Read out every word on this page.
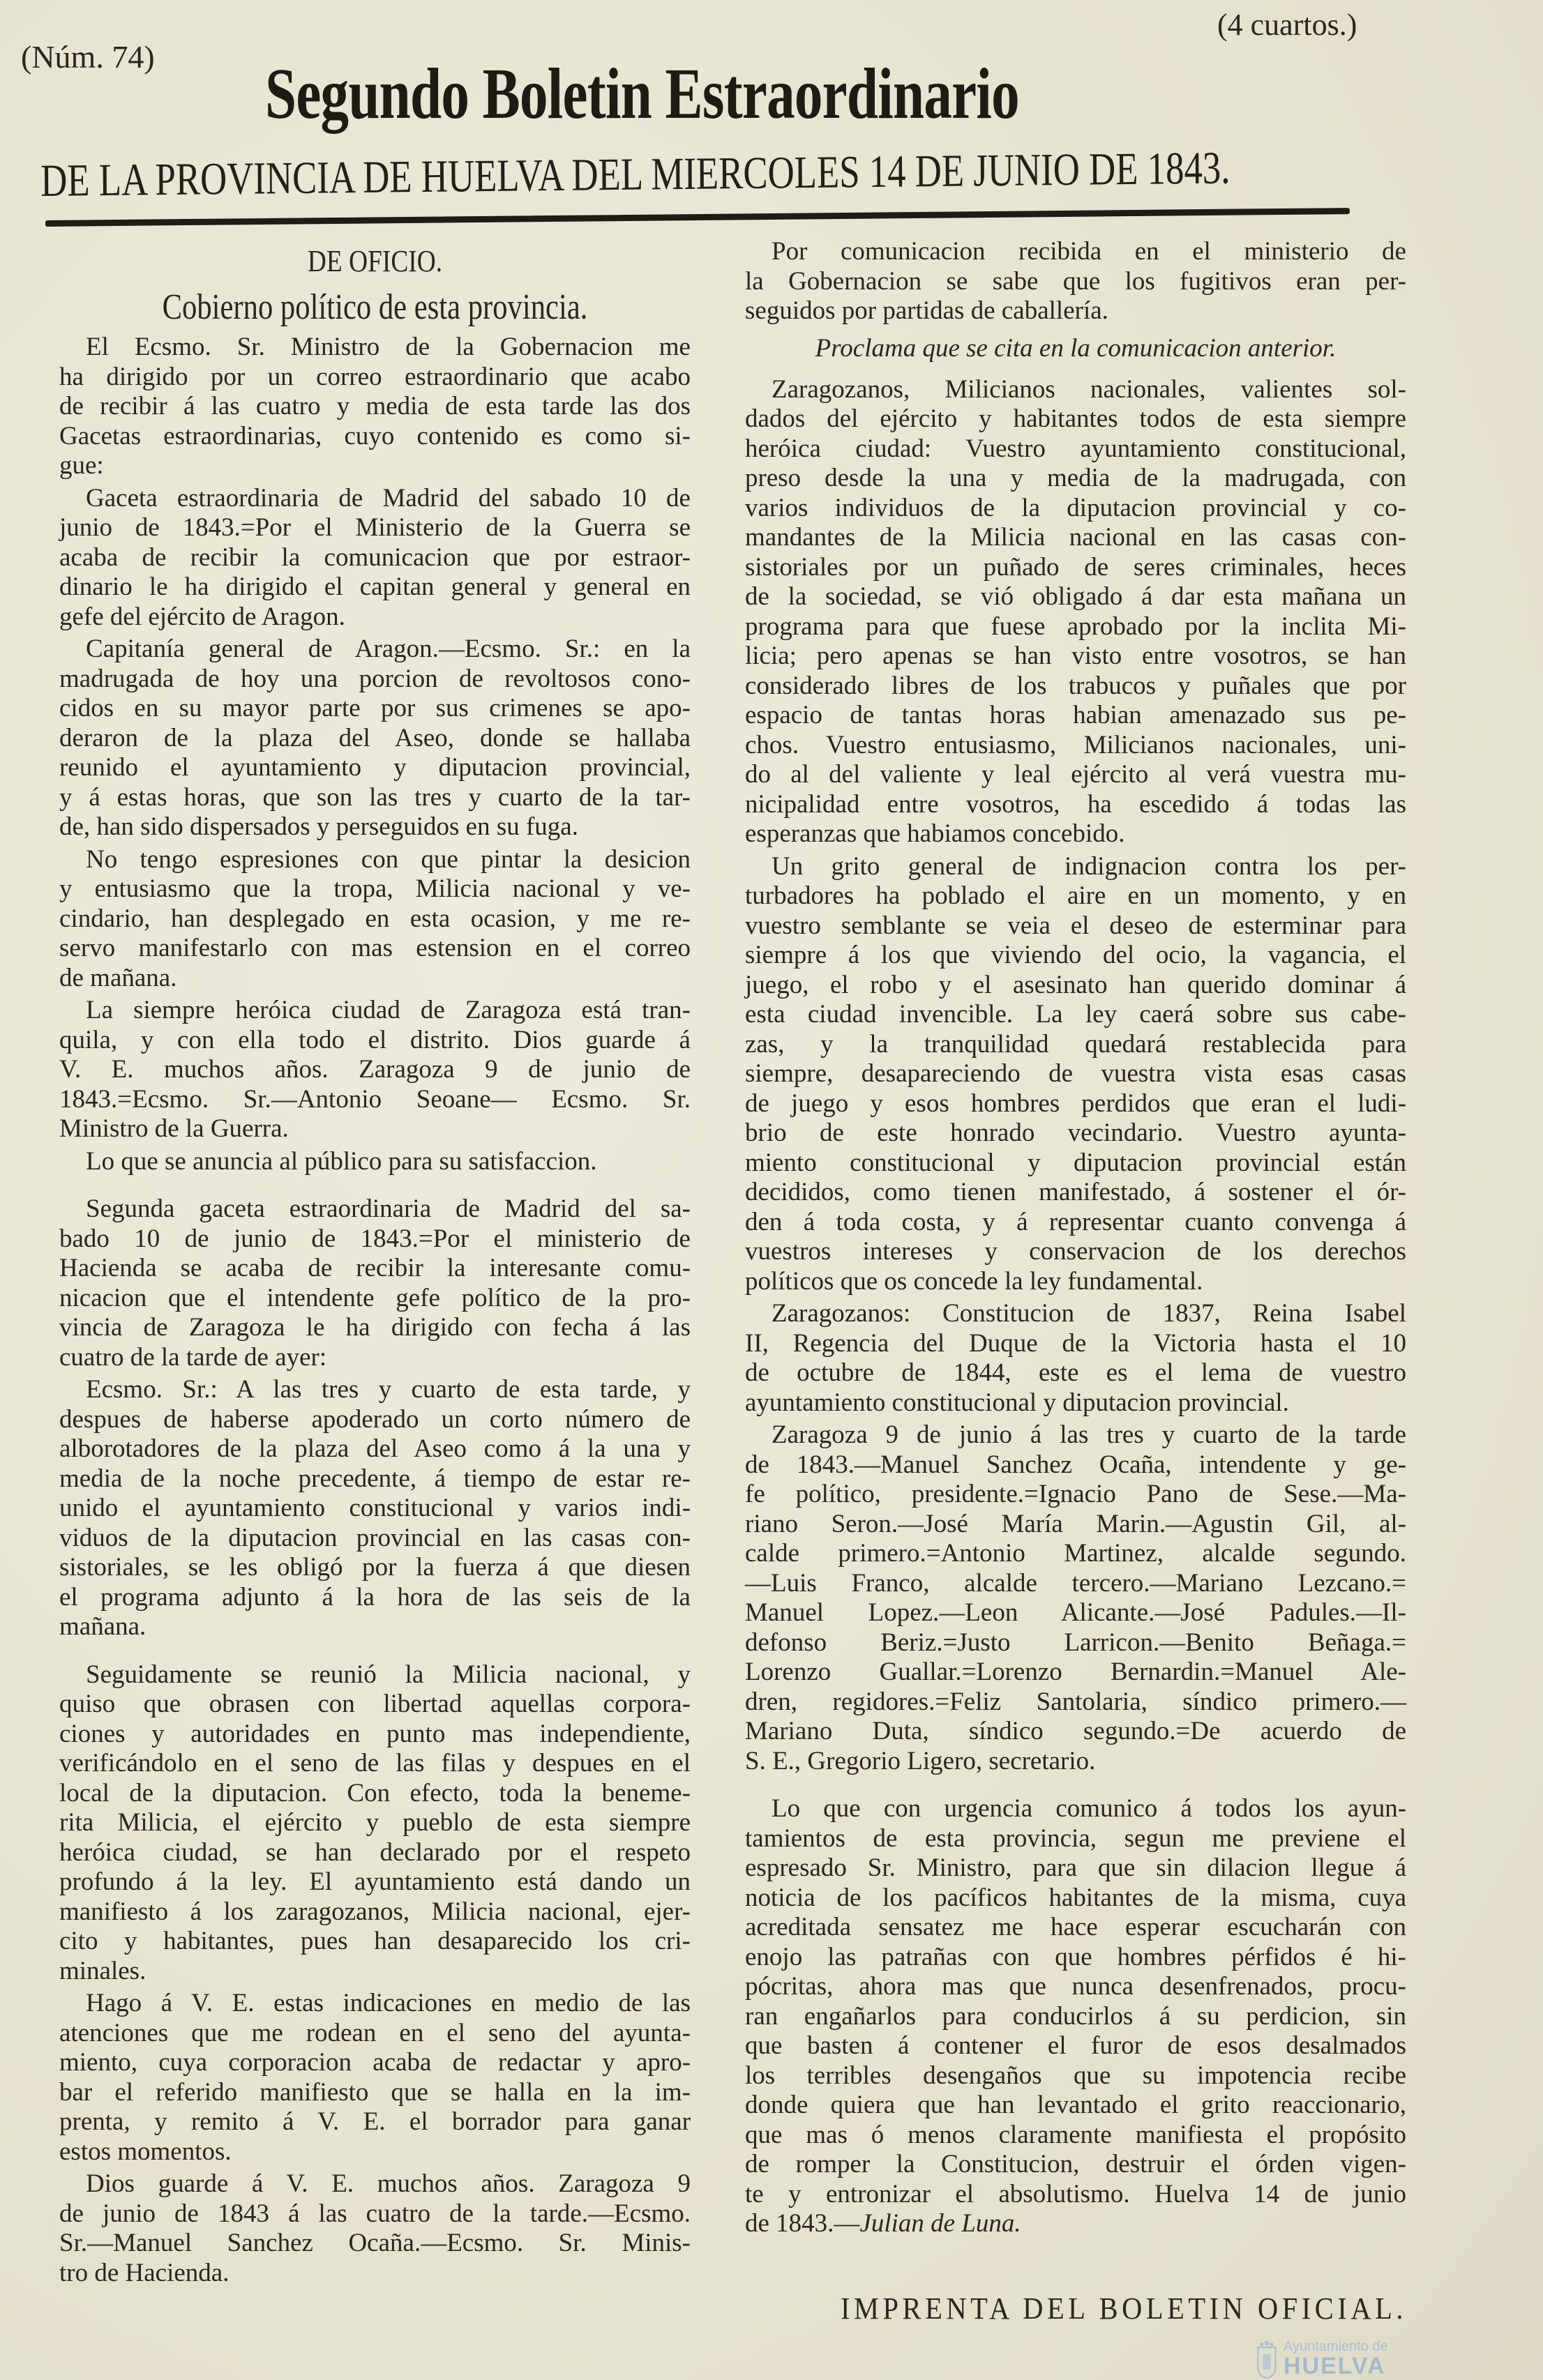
(Núm. 74)
(4 cuartos.)
Segundo Boletin Estraordinario
DE LA PROVINCIA DE HUELVA DEL MIERCOLES 14 DE JUNIO DE 1843.
DE OFICIO.
Cobierno político de esta provincia.
El Ecsmo. Sr. Ministro de la Gobernacion me
ha dirigido por un correo estraordinario que acabo
de recibir á las cuatro y media de esta tarde las dos
Gacetas estraordinarias, cuyo contenido es como si-
gue:
Gaceta estraordinaria de Madrid del sabado 10 de
junio de 1843.=Por el Ministerio de la Guerra se
acaba de recibir la comunicacion que por estraor-
dinario le ha dirigido el capitan general y general en
gefe del ejército de Aragon.
Capitanía general de Aragon.—Ecsmo. Sr.: en la
madrugada de hoy una porcion de revoltosos cono-
cidos en su mayor parte por sus crimenes se apo-
deraron de la plaza del Aseo, donde se hallaba
reunido el ayuntamiento y diputacion provincial,
y á estas horas, que son las tres y cuarto de la tar-
de, han sido dispersados y perseguidos en su fuga.
No tengo espresiones con que pintar la desicion
y entusiasmo que la tropa, Milicia nacional y ve-
cindario, han desplegado en esta ocasion, y me re-
servo manifestarlo con mas estension en el correo
de mañana.
La siempre heróica ciudad de Zaragoza está tran-
quila, y con ella todo el distrito. Dios guarde á
V. E. muchos años. Zaragoza 9 de junio de
1843.=Ecsmo. Sr.—Antonio Seoane— Ecsmo. Sr.
Ministro de la Guerra.
Lo que se anuncia al público para su satisfaccion.
Segunda gaceta estraordinaria de Madrid del sa-
bado 10 de junio de 1843.=Por el ministerio de
Hacienda se acaba de recibir la interesante comu-
nicacion que el intendente gefe político de la pro-
vincia de Zaragoza le ha dirigido con fecha á las
cuatro de la tarde de ayer:
Ecsmo. Sr.: A las tres y cuarto de esta tarde, y
despues de haberse apoderado un corto número de
alborotadores de la plaza del Aseo como á la una y
media de la noche precedente, á tiempo de estar re-
unido el ayuntamiento constitucional y varios indi-
viduos de la diputacion provincial en las casas con-
sistoriales, se les obligó por la fuerza á que diesen
el programa adjunto á la hora de las seis de la
mañana.
Seguidamente se reunió la Milicia nacional, y
quiso que obrasen con libertad aquellas corpora-
ciones y autoridades en punto mas independiente,
verificándolo en el seno de las filas y despues en el
local de la diputacion. Con efecto, toda la beneme-
rita Milicia, el ejército y pueblo de esta siempre
heróica ciudad, se han declarado por el respeto
profundo á la ley. El ayuntamiento está dando un
manifiesto á los zaragozanos, Milicia nacional, ejer-
cito y habitantes, pues han desaparecido los cri-
minales.
Hago á V. E. estas indicaciones en medio de las
atenciones que me rodean en el seno del ayunta-
miento, cuya corporacion acaba de redactar y apro-
bar el referido manifiesto que se halla en la im-
prenta, y remito á V. E. el borrador para ganar
estos momentos.
Dios guarde á V. E. muchos años. Zaragoza 9
de junio de 1843 á las cuatro de la tarde.—Ecsmo.
Sr.—Manuel Sanchez Ocaña.—Ecsmo. Sr. Minis-
tro de Hacienda.
Por comunicacion recibida en el ministerio de
la Gobernacion se sabe que los fugitivos eran per-
seguidos por partidas de caballería.
Proclama que se cita en la comunicacion anterior.
Zaragozanos, Milicianos nacionales, valientes sol-
dados del ejército y habitantes todos de esta siempre
heróica ciudad: Vuestro ayuntamiento constitucional,
preso desde la una y media de la madrugada, con
varios individuos de la diputacion provincial y co-
mandantes de la Milicia nacional en las casas con-
sistoriales por un puñado de seres criminales, heces
de la sociedad, se vió obligado á dar esta mañana un
programa para que fuese aprobado por la inclita Mi-
licia; pero apenas se han visto entre vosotros, se han
considerado libres de los trabucos y puñales que por
espacio de tantas horas habian amenazado sus pe-
chos. Vuestro entusiasmo, Milicianos nacionales, uni-
do al del valiente y leal ejército al verá vuestra mu-
nicipalidad entre vosotros, ha escedido á todas las
esperanzas que habiamos concebido.
Un grito general de indignacion contra los per-
turbadores ha poblado el aire en un momento, y en
vuestro semblante se veia el deseo de esterminar para
siempre á los que viviendo del ocio, la vagancia, el
juego, el robo y el asesinato han querido dominar á
esta ciudad invencible. La ley caerá sobre sus cabe-
zas, y la tranquilidad quedará restablecida para
siempre, desapareciendo de vuestra vista esas casas
de juego y esos hombres perdidos que eran el ludi-
brio de este honrado vecindario. Vuestro ayunta-
miento constitucional y diputacion provincial están
decididos, como tienen manifestado, á sostener el ór-
den á toda costa, y á representar cuanto convenga á
vuestros intereses y conservacion de los derechos
políticos que os concede la ley fundamental.
Zaragozanos: Constitucion de 1837, Reina Isabel
II, Regencia del Duque de la Victoria hasta el 10
de octubre de 1844, este es el lema de vuestro
ayuntamiento constitucional y diputacion provincial.
Zaragoza 9 de junio á las tres y cuarto de la tarde
de 1843.—Manuel Sanchez Ocaña, intendente y ge-
fe político, presidente.=Ignacio Pano de Sese.—Ma-
riano Seron.—José María Marin.—Agustin Gil, al-
calde primero.=Antonio Martinez, alcalde segundo.
—Luis Franco, alcalde tercero.—Mariano Lezcano.=
Manuel Lopez.—Leon Alicante.—José Padules.—Il-
defonso Beriz.=Justo Larricon.—Benito Beñaga.=
Lorenzo Guallar.=Lorenzo Bernardin.=Manuel Ale-
dren, regidores.=Feliz Santolaria, síndico primero.—
Mariano Duta, síndico segundo.=De acuerdo de
S. E., Gregorio Ligero, secretario.
Lo que con urgencia comunico á todos los ayun-
tamientos de esta provincia, segun me previene el
espresado Sr. Ministro, para que sin dilacion llegue á
noticia de los pacíficos habitantes de la misma, cuya
acreditada sensatez me hace esperar escucharán con
enojo las patrañas con que hombres pérfidos é hi-
pócritas, ahora mas que nunca desenfrenados, procu-
ran engañarlos para conducirlos á su perdicion, sin
que basten á contener el furor de esos desalmados
los terribles desengaños que su impotencia recibe
donde quiera que han levantado el grito reaccionario,
que mas ó menos claramente manifiesta el propósito
de romper la Constitucion, destruir el órden vigen-
te y entronizar el absolutismo. Huelva 14 de junio
de 1843.—Julian de Luna.
IMPRENTA DEL BOLETIN OFICIAL.
Ayuntamiento de
HUELVA
